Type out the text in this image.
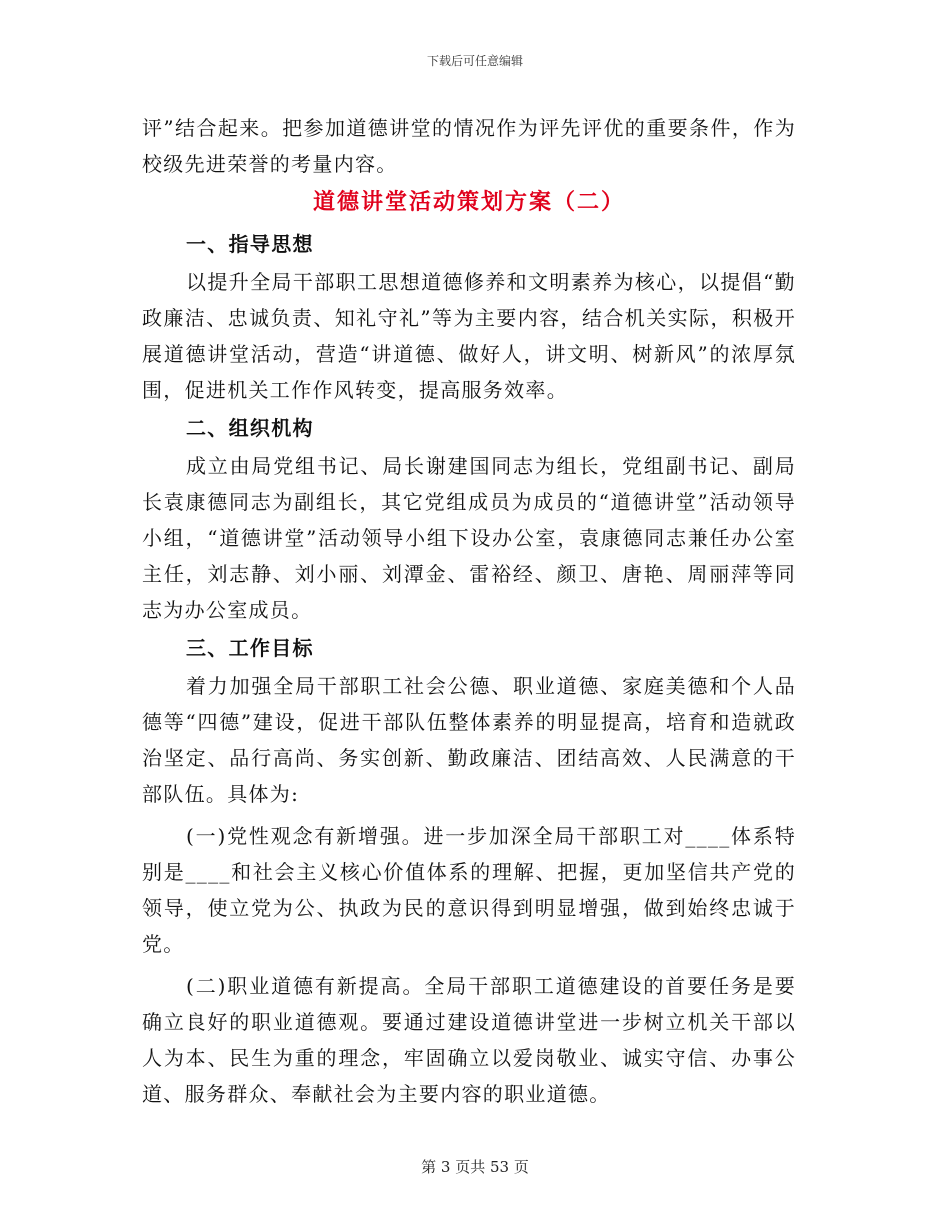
下载后可任意编辑

评”结合起来。把参加道德讲堂的情况作为评先评优的重要条件，作为校级先进荣誉的考量内容。

道德讲堂活动策划方案（二）
一、指导思想

以提升全局干部职工思想道德修养和文明素养为核心，以提倡“勤政廉洁、忠诚负责、知礼守礼”等为主要内容，结合机关实际，积极开展道德讲堂活动，营造“讲道德、做好人，讲文明、树新风”的浓厚氛围，促进机关工作作风转变，提高服务效率。

二、组织机构

成立由局党组书记、局长谢建国同志为组长，党组副书记、副局长袁康德同志为副组长，其它党组成员为成员的“道德讲堂”活动领导小组，“道德讲堂”活动领导小组下设办公室，袁康德同志兼任办公室主任，刘志静、刘小丽、刘潭金、雷裕经、颜卫、唐艳、周丽萍等同志为办公室成员。

三、工作目标

着力加强全局干部职工社会公德、职业道德、家庭美德和个人品德等“四德”建设，促进干部队伍整体素养的明显提高，培育和造就政治坚定、品行高尚、务实创新、勤政廉洁、团结高效、人民满意的干部队伍。具体为:

(一)党性观念有新增强。进一步加深全局干部职工对____体系特别是____和社会主义核心价值体系的理解、把握，更加坚信共产党的领导，使立党为公、执政为民的意识得到明显增强，做到始终忠诚于党。

(二)职业道德有新提高。全局干部职工道德建设的首要任务是要确立良好的职业道德观。要通过建设道德讲堂进一步树立机关干部以人为本、民生为重的理念，牢固确立以爱岗敬业、诚实守信、办事公道、服务群众、奉献社会为主要内容的职业道德。

第 3 页共 53 页
